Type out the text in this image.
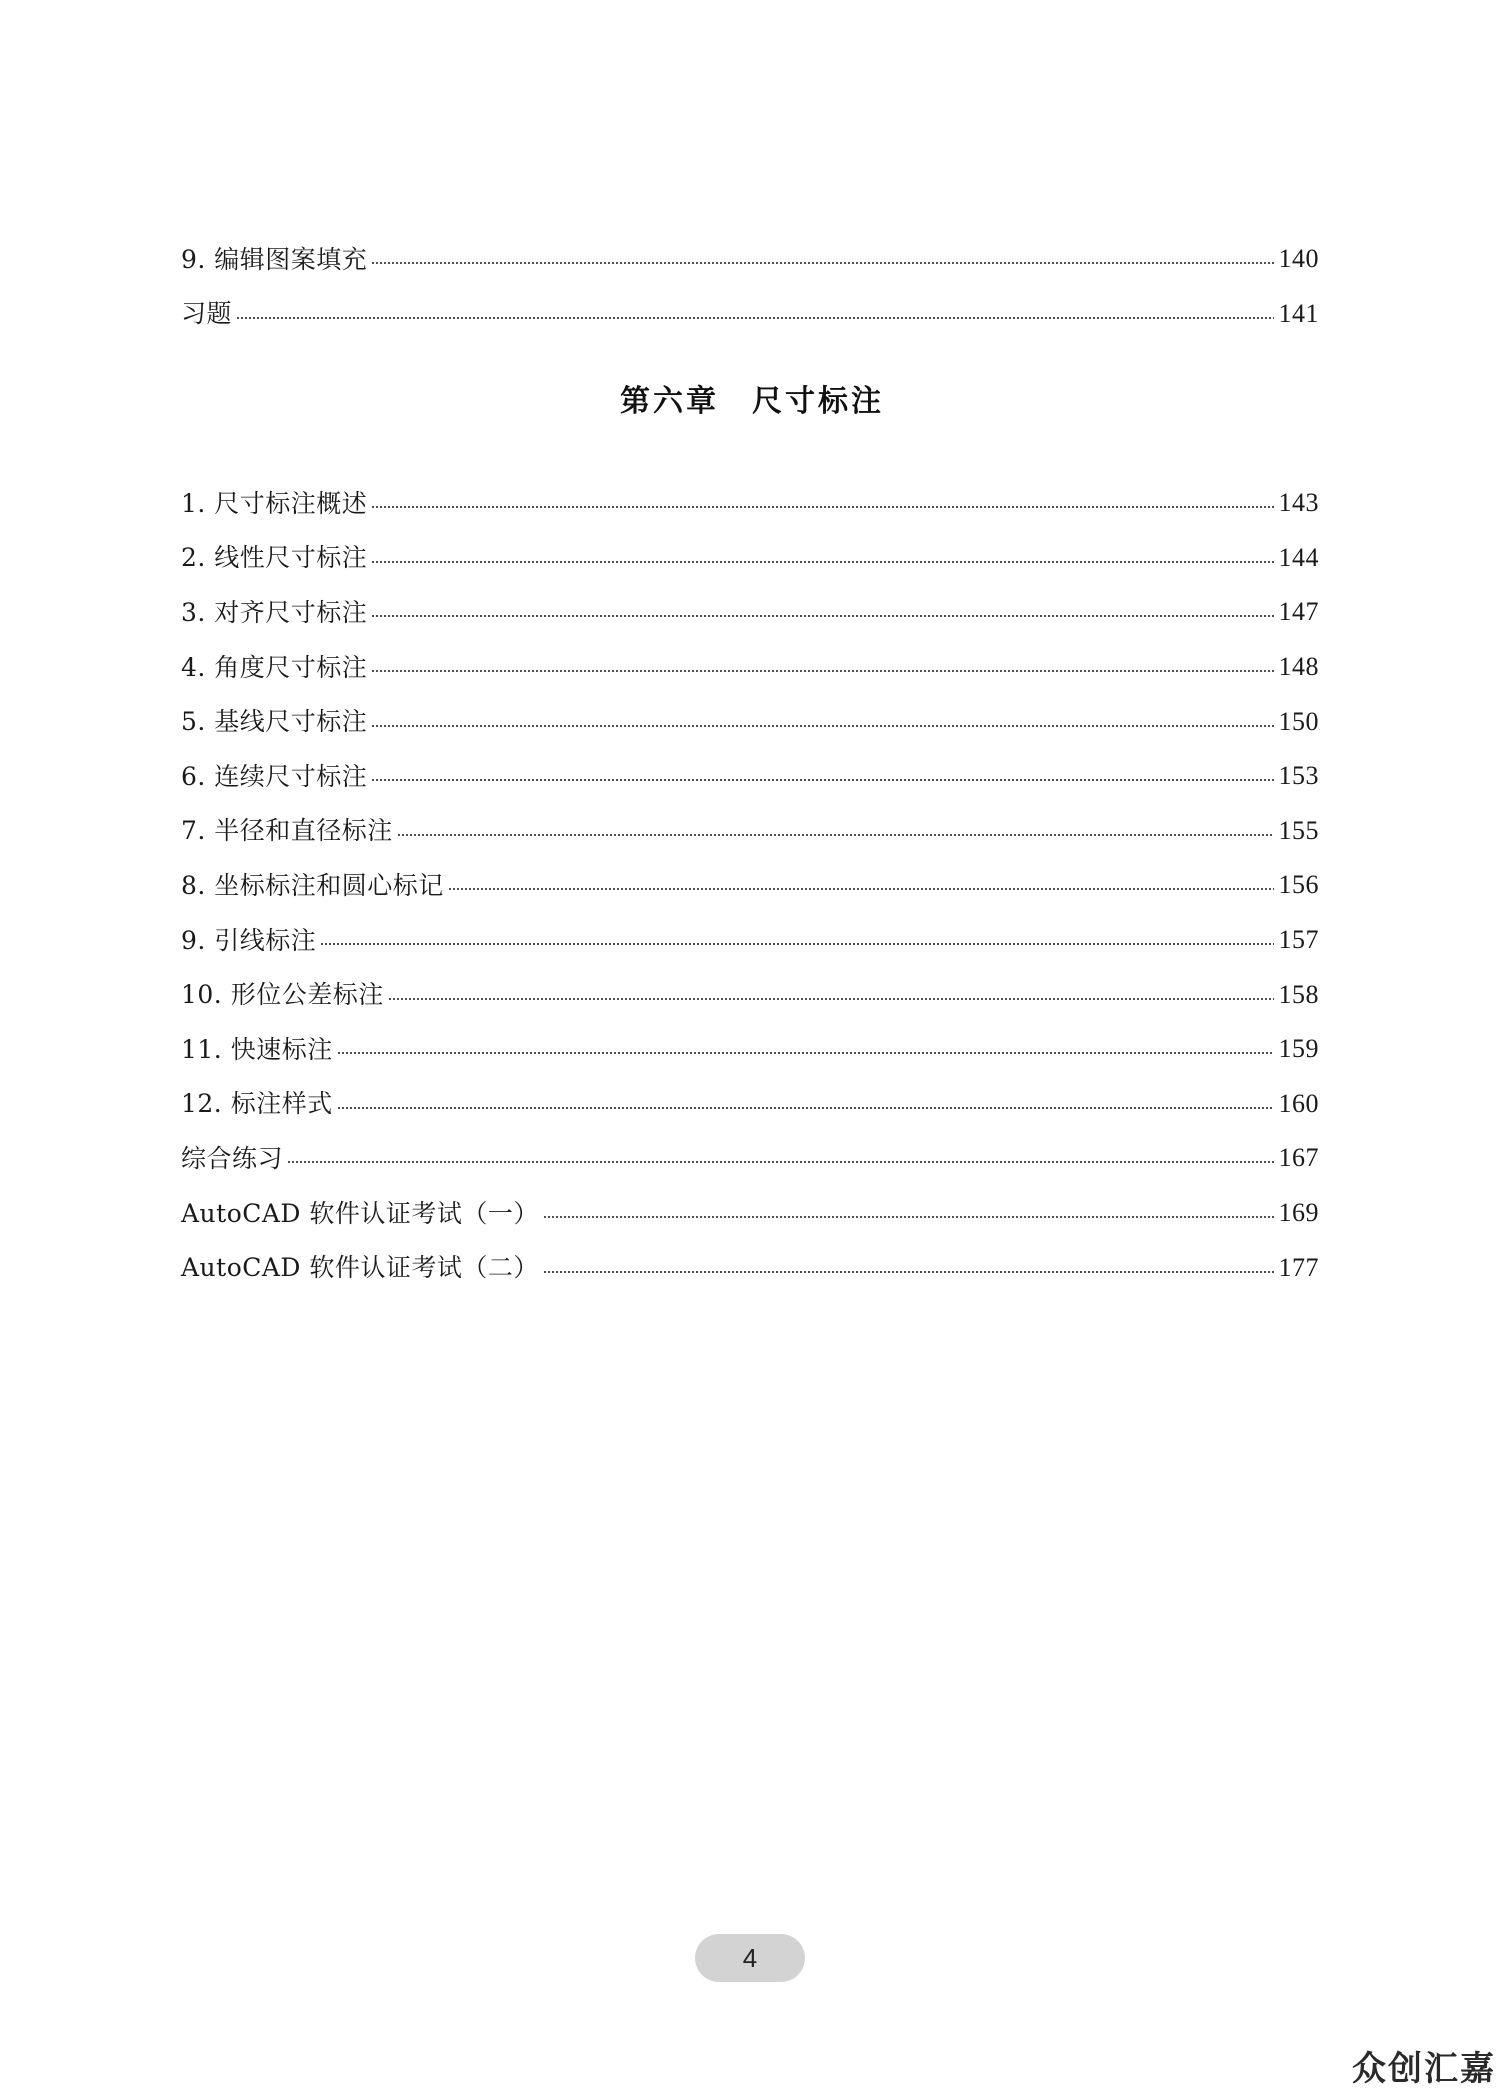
9. 编辑图案填充	140
习题	141
第六章　尺寸标注
1. 尺寸标注概述	143
2. 线性尺寸标注	144
3. 对齐尺寸标注	147
4. 角度尺寸标注	148
5. 基线尺寸标注	150
6. 连续尺寸标注	153
7. 半径和直径标注	155
8. 坐标标注和圆心标记	156
9. 引线标注	157
10. 形位公差标注	158
11. 快速标注	159
12. 标注样式	160
综合练习	167
AutoCAD 软件认证考试（一）	169
AutoCAD 软件认证考试（二）	177
4
众创汇嘉
